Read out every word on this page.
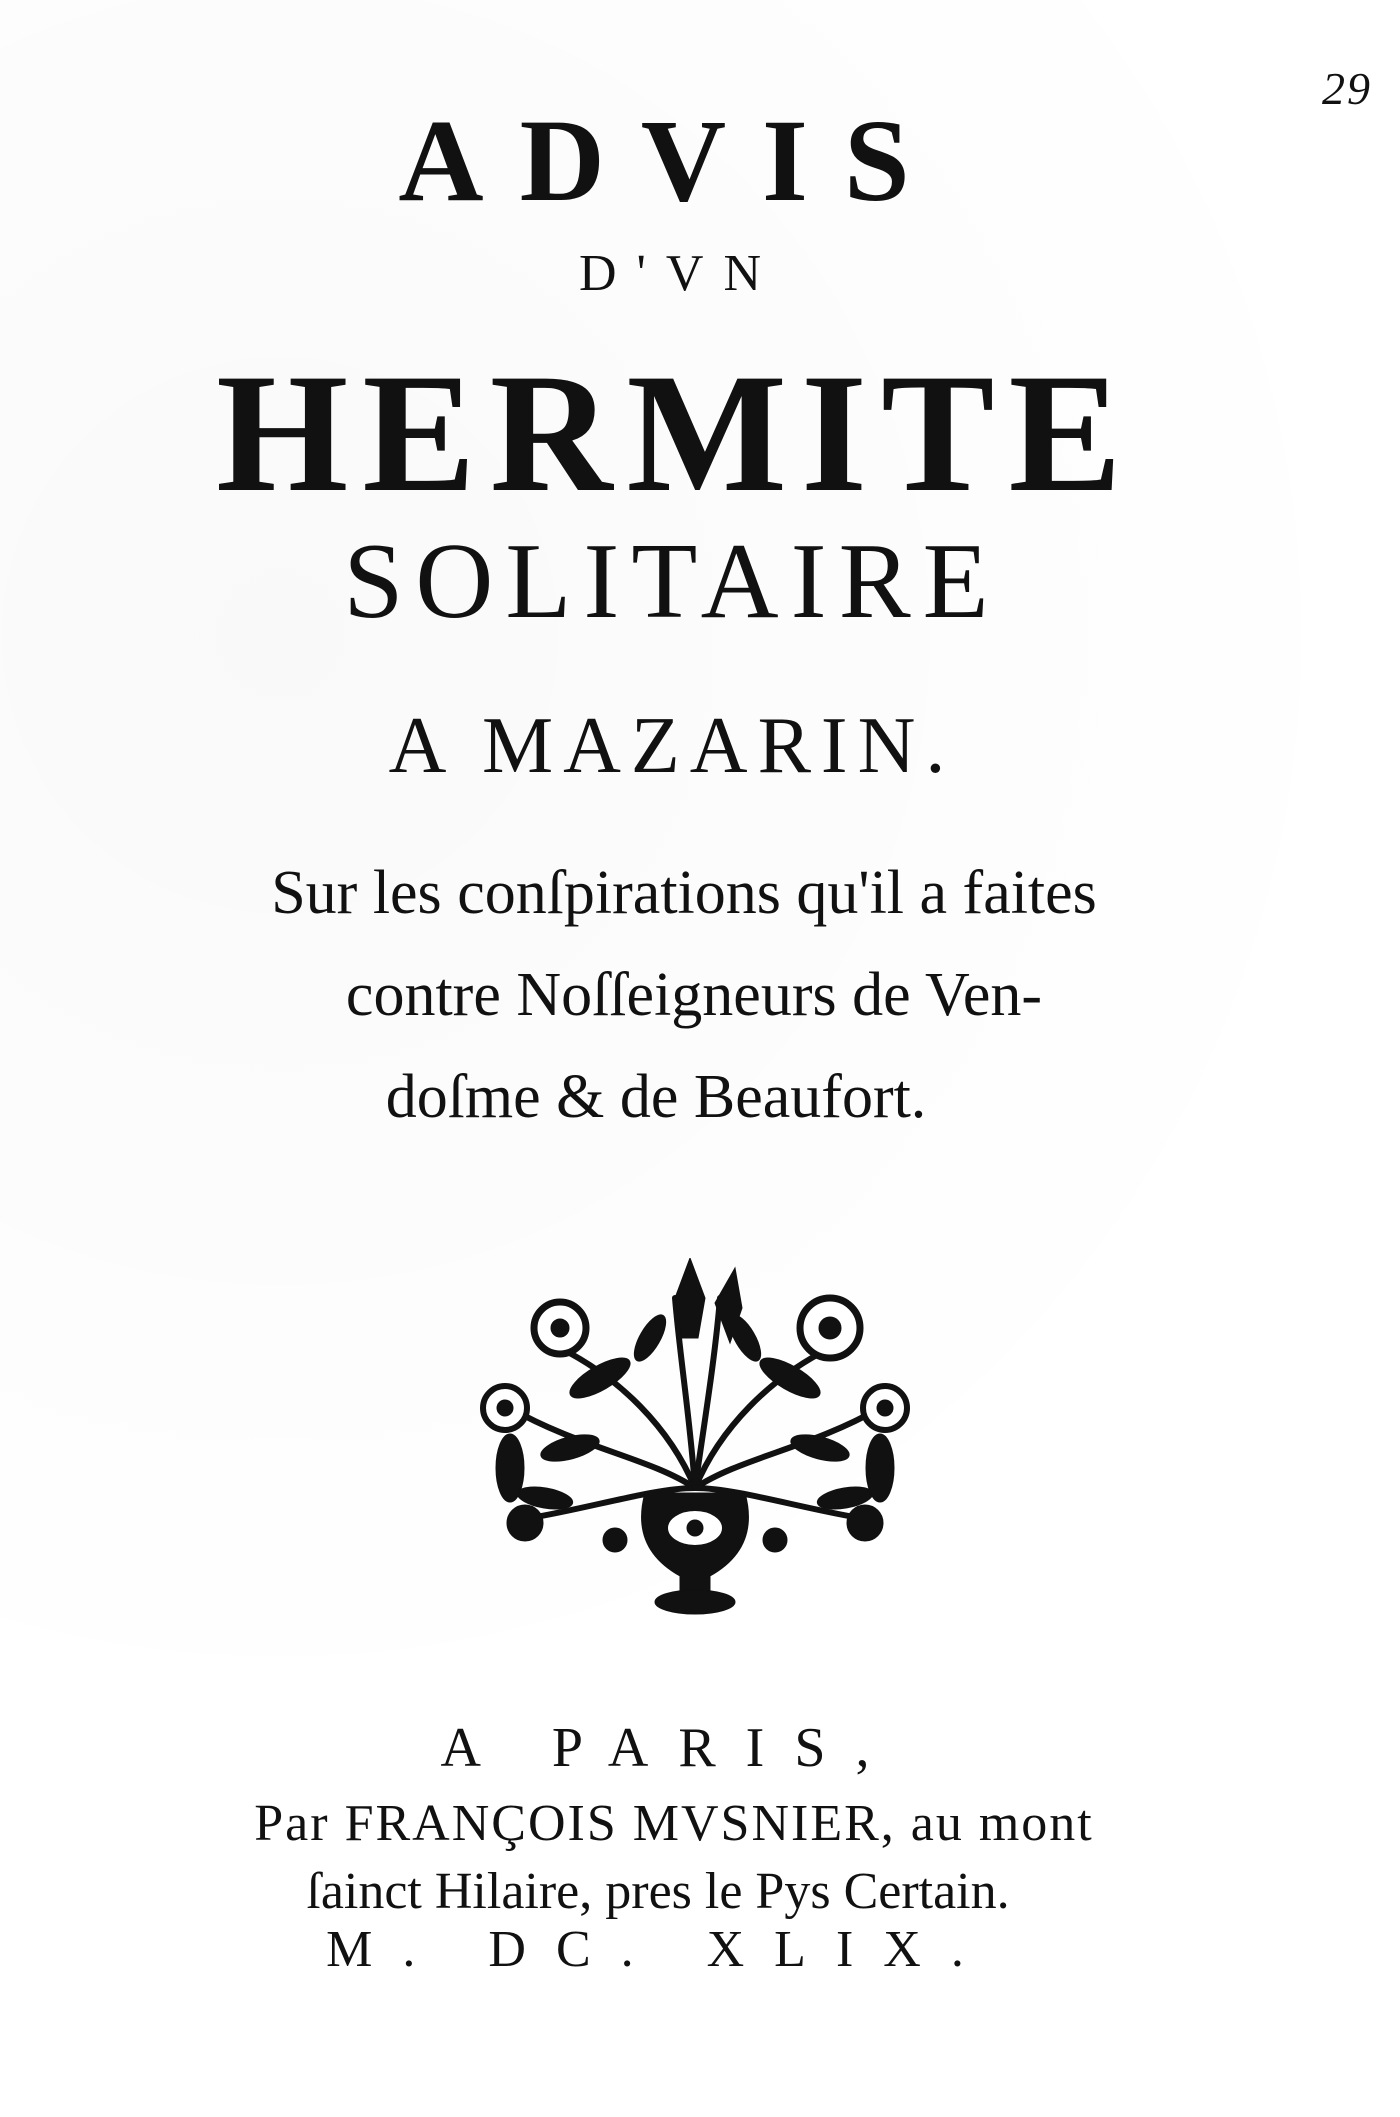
29
ADVIS
D'VN
HERMITE
SOLITAIRE
A MAZARIN.
Sur les conſpirations qu'il a faites
contre Noſſeigneurs de Ven-
doſme & de Beaufort.
A PARIS,
Par FRANÇOIS MVSNIER, au mont
ſainct Hilaire, pres le Pys Certain.
M. DC. XLIX.
